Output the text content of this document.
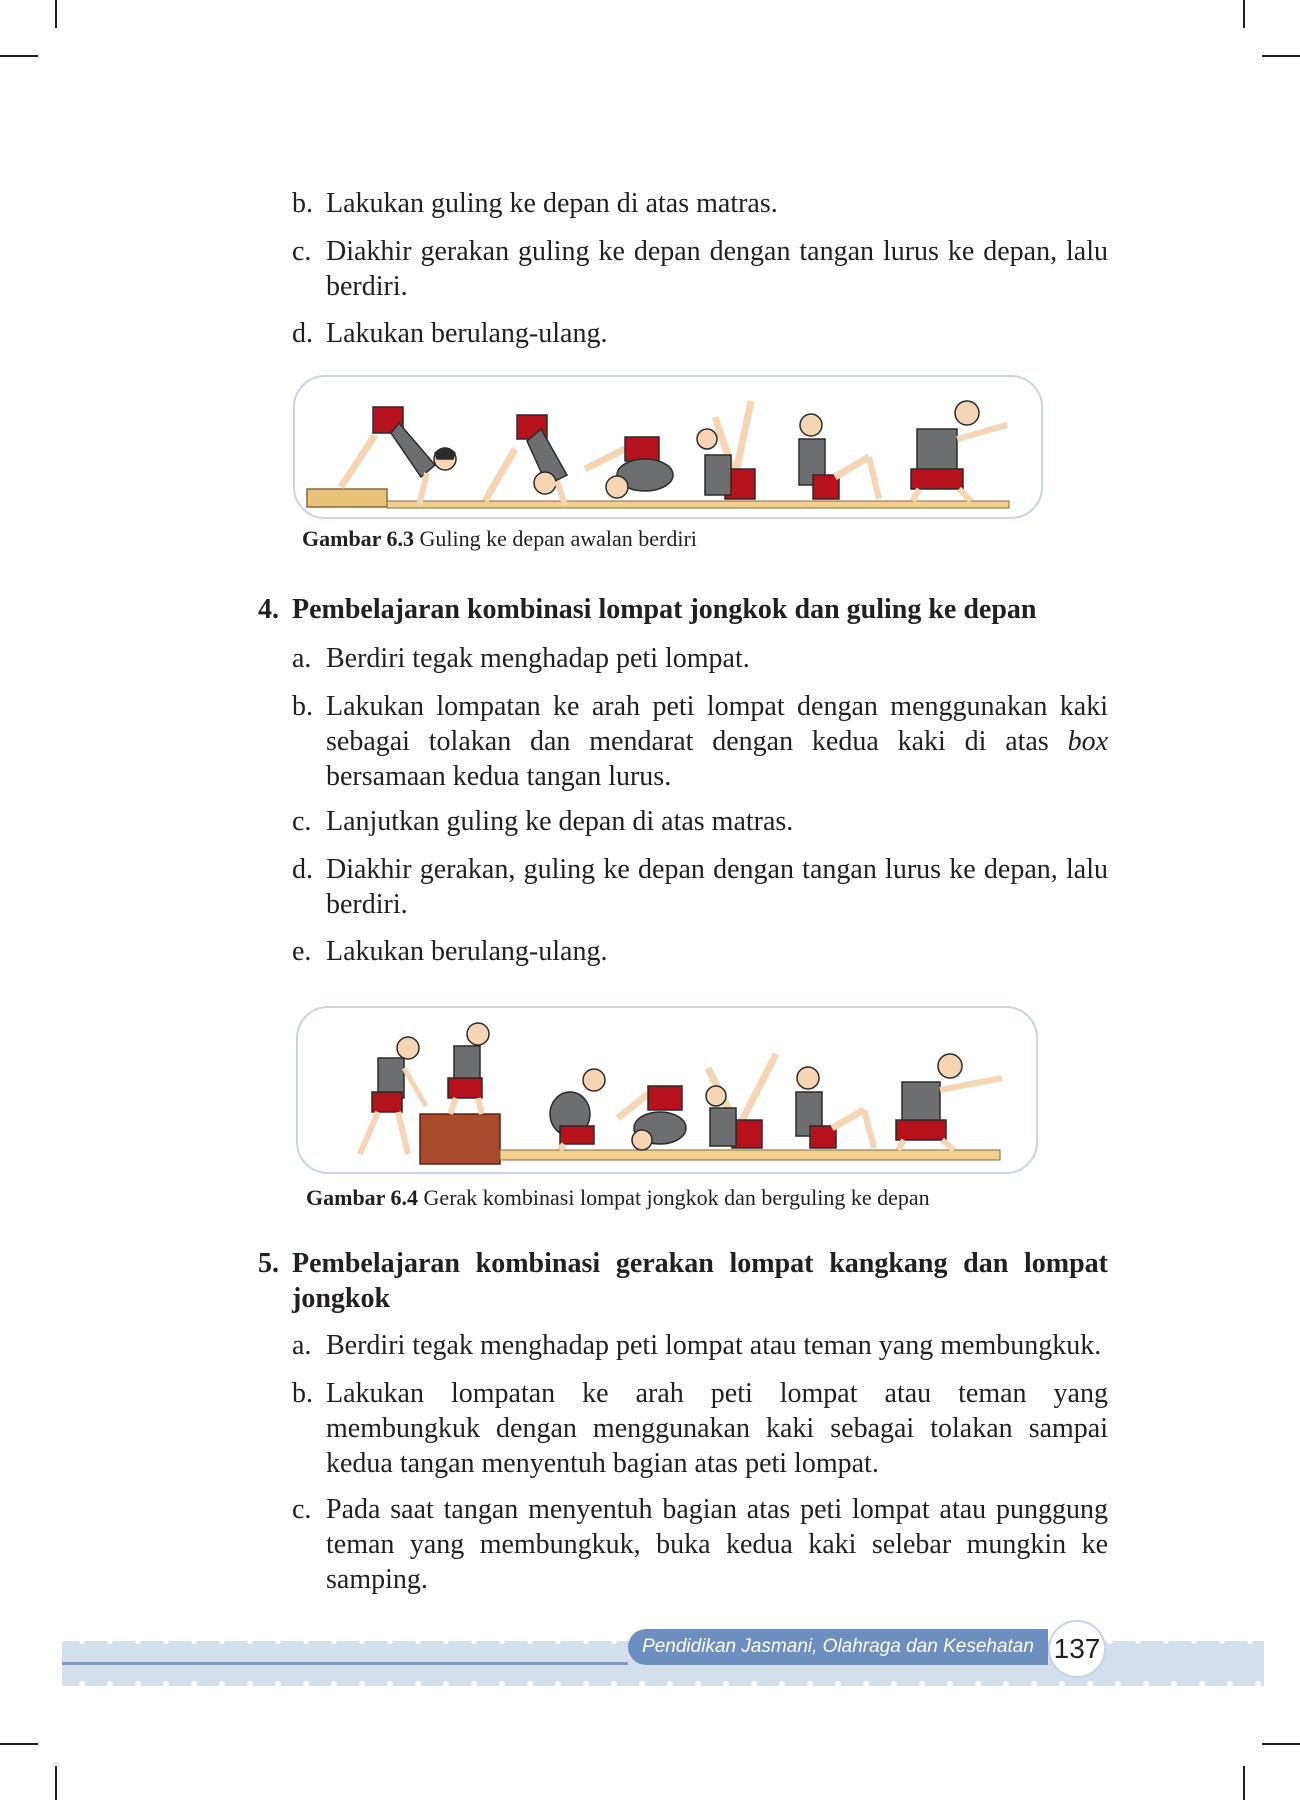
b. Lakukan guling ke depan di atas matras.
c. Diakhir gerakan guling ke depan dengan tangan lurus ke depan, lalu berdiri.
d. Lakukan berulang-ulang.
Gambar 6.3 Guling ke depan awalan berdiri
4. Pembelajaran kombinasi lompat jongkok dan guling ke depan
a. Berdiri tegak menghadap peti lompat.
b. Lakukan lompatan ke arah peti lompat dengan menggunakan kaki sebagai tolakan dan mendarat dengan kedua kaki di atas box bersamaan kedua tangan lurus.
c. Lanjutkan guling ke depan di atas matras.
d. Diakhir gerakan, guling ke depan dengan tangan lurus ke depan, lalu berdiri.
e. Lakukan berulang-ulang.
Gambar 6.4 Gerak kombinasi lompat jongkok dan berguling ke depan
5. Pembelajaran kombinasi gerakan lompat kangkang dan lompat jongkok
a. Berdiri tegak menghadap peti lompat atau teman yang membungkuk.
b. Lakukan lompatan ke arah peti lompat atau teman yang membungkuk dengan menggunakan kaki sebagai tolakan sampai kedua tangan menyentuh bagian atas peti lompat.
c. Pada saat tangan menyentuh bagian atas peti lompat atau punggung teman yang membungkuk, buka kedua kaki selebar mungkin ke samping.
Pendidikan Jasmani, Olahraga dan Kesehatan 137
